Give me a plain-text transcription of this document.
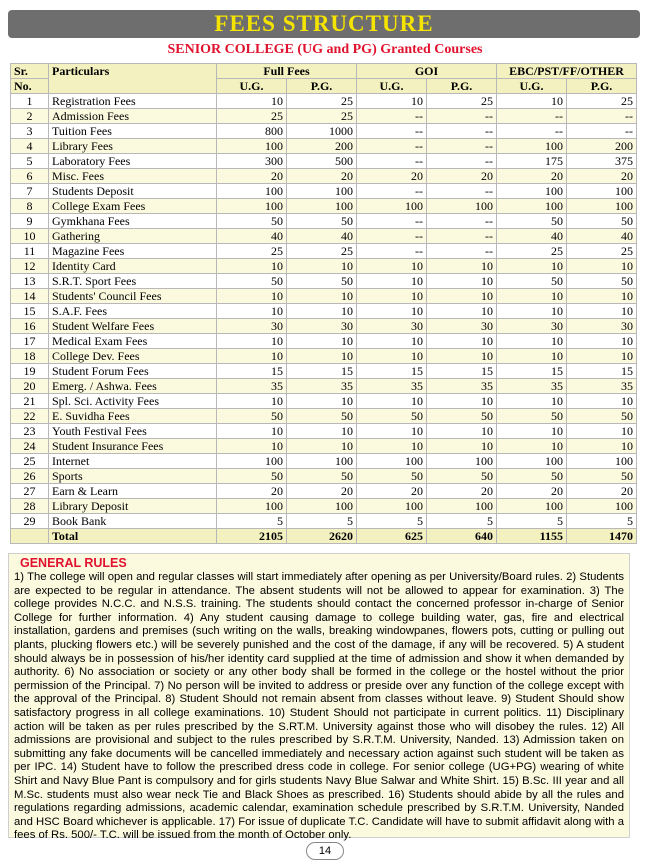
FEES STRUCTURE
SENIOR COLLEGE (UG and PG) Granted Courses
Sr.	Particulars	Full Fees		GOI		EBC/PST/FF/OTHER	
No.		U.G.	P.G.	U.G.	P.G.	U.G.	P.G.
1	Registration Fees	10	25	10	25	10	25
2	Admission Fees	25	25	--	--	--	--
3	Tuition Fees	800	1000	--	--	--	--
4	Library Fees	100	200	--	--	100	200
5	Laboratory Fees	300	500	--	--	175	375
6	Misc. Fees	20	20	20	20	20	20
7	Students Deposit	100	100	--	--	100	100
8	College Exam Fees	100	100	100	100	100	100
9	Gymkhana Fees	50	50	--	--	50	50
10	Gathering	40	40	--	--	40	40
11	Magazine Fees	25	25	--	--	25	25
12	Identity Card	10	10	10	10	10	10
13	S.R.T. Sport Fees	50	50	10	10	50	50
14	Students' Council Fees	10	10	10	10	10	10
15	S.A.F. Fees	10	10	10	10	10	10
16	Student Welfare Fees	30	30	30	30	30	30
17	Medical Exam Fees	10	10	10	10	10	10
18	College Dev. Fees	10	10	10	10	10	10
19	Student Forum Fees	15	15	15	15	15	15
20	Emerg. / Ashwa. Fees	35	35	35	35	35	35
21	Spl. Sci. Activity Fees	10	10	10	10	10	10
22	E. Suvidha Fees	50	50	50	50	50	50
23	Youth Festival Fees	10	10	10	10	10	10
24	Student Insurance Fees	10	10	10	10	10	10
25	Internet	100	100	100	100	100	100
26	Sports	50	50	50	50	50	50
27	Earn & Learn	20	20	20	20	20	20
28	Library Deposit	100	100	100	100	100	100
29	Book Bank	5	5	5	5	5	5
	Total	2105	2620	625	640	1155	1470
GENERAL RULES

1) The college will open and regular classes will start immediately after opening as per University/Board rules. 2) Students are expected to be regular in attendance. The absent students will not be allowed to appear for examination. 3) The college provides N.C.C. and N.S.S. training. The students should contact the concerned professor in-charge of Senior College for further information. 4) Any student causing damage to college building water, gas, fire and electrical installation, gardens and premises (such writing on the walls, breaking windowpanes, flowers pots, cutting or pulling out plants, plucking flowers etc.) will be severely punished and the cost of the damage, if any will be recovered. 5) A student should always be in possession of his/her identity card supplied at the time of admission and show it when demanded by authority. 6) No association or society or any other body shall be formed in the college or the hostel without the prior permission of the Principal. 7) No person will be invited to address or preside over any function of the college except with the approval of the Principal. 8) Student Should not remain absent from classes without leave. 9) Student Should show satisfactory progress in all college examinations. 10) Student Should not participate in current politics. 11) Disciplinary action will be taken as per rules prescribed by the S.RT.M. University against those who will disobey the rules. 12) All admissions are provisional and subject to the rules prescribed by S.R.T.M. University, Nanded. 13) Admission taken on submitting any fake documents will be cancelled immediately and necessary action against such student will be taken as per IPC. 14) Student have to follow the prescribed dress code in college. For senior college (UG+PG) wearing of white Shirt and Navy Blue Pant is compulsory and for girls students Navy Blue Salwar and White Shirt. 15) B.Sc. III year and all M.Sc. students must also wear neck Tie and Black Shoes as prescribed. 16) Students should abide by all the rules and regulations regarding admissions, academic calendar, examination schedule prescribed by S.R.T.M. University, Nanded and HSC Board whichever is applicable. 17) For issue of duplicate T.C. Candidate will have to submit affidavit along with a fees of Rs. 500/- T.C. will be issued from the month of October only.

14
